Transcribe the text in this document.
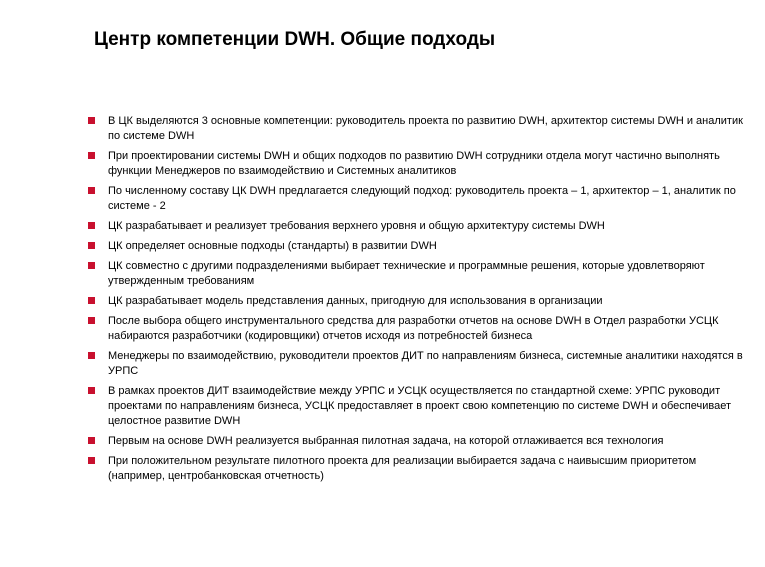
Центр компетенции DWH. Общие подходы
В ЦК выделяются 3 основные компетенции: руководитель проекта по развитию DWH, архитектор системы DWH и аналитик по системе DWH
При проектировании системы DWH и общих подходов по развитию DWH сотрудники отдела могут частично выполнять функции Менеджеров по взаимодействию и Системных аналитиков
По численному составу ЦК DWH предлагается следующий подход: руководитель проекта – 1, архитектор – 1, аналитик по системе - 2
ЦК разрабатывает и реализует требования верхнего уровня и общую архитектуру системы DWH
ЦК определяет основные подходы (стандарты) в развитии DWH
ЦК совместно с другими подразделениями выбирает технические и программные решения, которые удовлетворяют утвержденным требованиям
ЦК разрабатывает модель представления данных, пригодную для использования в организации
После выбора общего инструментального средства для разработки отчетов на основе DWH в Отдел разработки УСЦК набираются разработчики (кодировщики) отчетов исходя из потребностей бизнеса
Менеджеры по взаимодействию, руководители проектов ДИТ по направлениям бизнеса, системные аналитики находятся в УРПС
В рамках проектов ДИТ взаимодействие между УРПС и УСЦК осуществляется по стандартной схеме: УРПС руководит проектами по направлениям бизнеса, УСЦК предоставляет в проект свою компетенцию по системе DWH и обеспечивает целостное развитие DWH
Первым на основе DWH реализуется выбранная пилотная задача, на которой отлаживается вся технология
При положительном результате пилотного проекта для реализации выбирается задача с наивысшим приоритетом (например, центробанковская отчетность)
